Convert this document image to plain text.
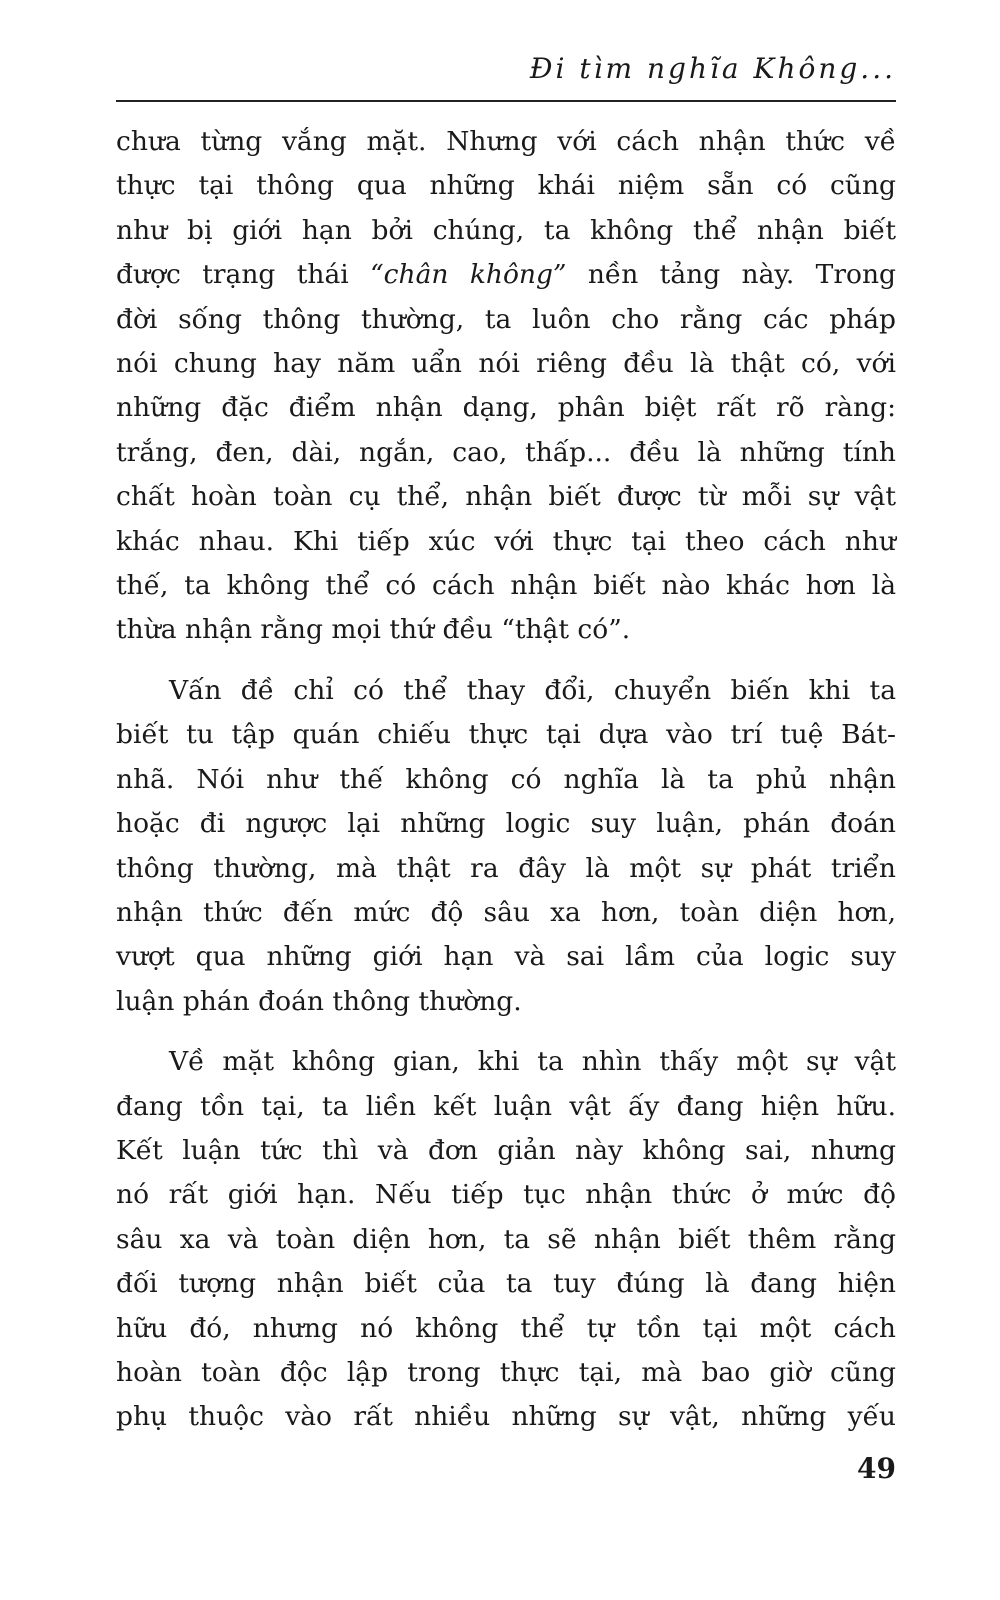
Đi tìm nghĩa Không...

chưa từng vắng mặt. Nhưng với cách nhận thức về
thực tại thông qua những khái niệm sẵn có cũng
như bị giới hạn bởi chúng, ta không thể nhận biết
được trạng thái “chân không” nền tảng này. Trong
đời sống thông thường, ta luôn cho rằng các pháp
nói chung hay năm uẩn nói riêng đều là thật có, với
những đặc điểm nhận dạng, phân biệt rất rõ ràng:
trắng, đen, dài, ngắn, cao, thấp... đều là những tính
chất hoàn toàn cụ thể, nhận biết được từ mỗi sự vật
khác nhau. Khi tiếp xúc với thực tại theo cách như
thế, ta không thể có cách nhận biết nào khác hơn là
thừa nhận rằng mọi thứ đều “thật có”.

Vấn đề chỉ có thể thay đổi, chuyển biến khi ta
biết tu tập quán chiếu thực tại dựa vào trí tuệ Bát-
nhã. Nói như thế không có nghĩa là ta phủ nhận
hoặc đi ngược lại những logic suy luận, phán đoán
thông thường, mà thật ra đây là một sự phát triển
nhận thức đến mức độ sâu xa hơn, toàn diện hơn,
vượt qua những giới hạn và sai lầm của logic suy
luận phán đoán thông thường.

Về mặt không gian, khi ta nhìn thấy một sự vật
đang tồn tại, ta liền kết luận vật ấy đang hiện hữu.
Kết luận tức thì và đơn giản này không sai, nhưng
nó rất giới hạn. Nếu tiếp tục nhận thức ở mức độ
sâu xa và toàn diện hơn, ta sẽ nhận biết thêm rằng
đối tượng nhận biết của ta tuy đúng là đang hiện
hữu đó, nhưng nó không thể tự tồn tại một cách
hoàn toàn độc lập trong thực tại, mà bao giờ cũng
phụ thuộc vào rất nhiều những sự vật, những yếu

49
